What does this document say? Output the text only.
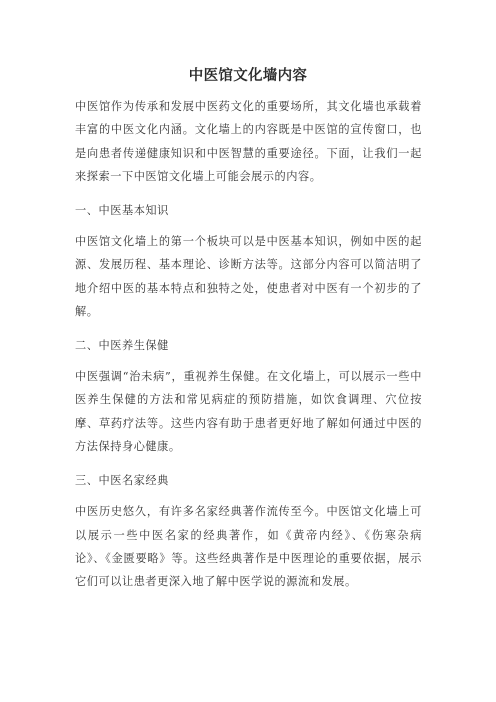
中医馆文化墙内容

中医馆作为传承和发展中医药文化的重要场所，其文化墙也承载着丰富的中医文化内涵。文化墙上的内容既是中医馆的宣传窗口，也是向患者传递健康知识和中医智慧的重要途径。下面，让我们一起来探索一下中医馆文化墙上可能会展示的内容。

一、中医基本知识

中医馆文化墙上的第一个板块可以是中医基本知识，例如中医的起源、发展历程、基本理论、诊断方法等。这部分内容可以简洁明了地介绍中医的基本特点和独特之处，使患者对中医有一个初步的了解。

二、中医养生保健

中医强调“治未病”，重视养生保健。在文化墙上，可以展示一些中医养生保健的方法和常见病症的预防措施，如饮食调理、穴位按摩、草药疗法等。这些内容有助于患者更好地了解如何通过中医的方法保持身心健康。

三、中医名家经典

中医历史悠久，有许多名家经典著作流传至今。中医馆文化墙上可以展示一些中医名家的经典著作，如《黄帝内经》、《伤寒杂病论》、《金匮要略》等。这些经典著作是中医理论的重要依据，展示它们可以让患者更深入地了解中医学说的源流和发展。
